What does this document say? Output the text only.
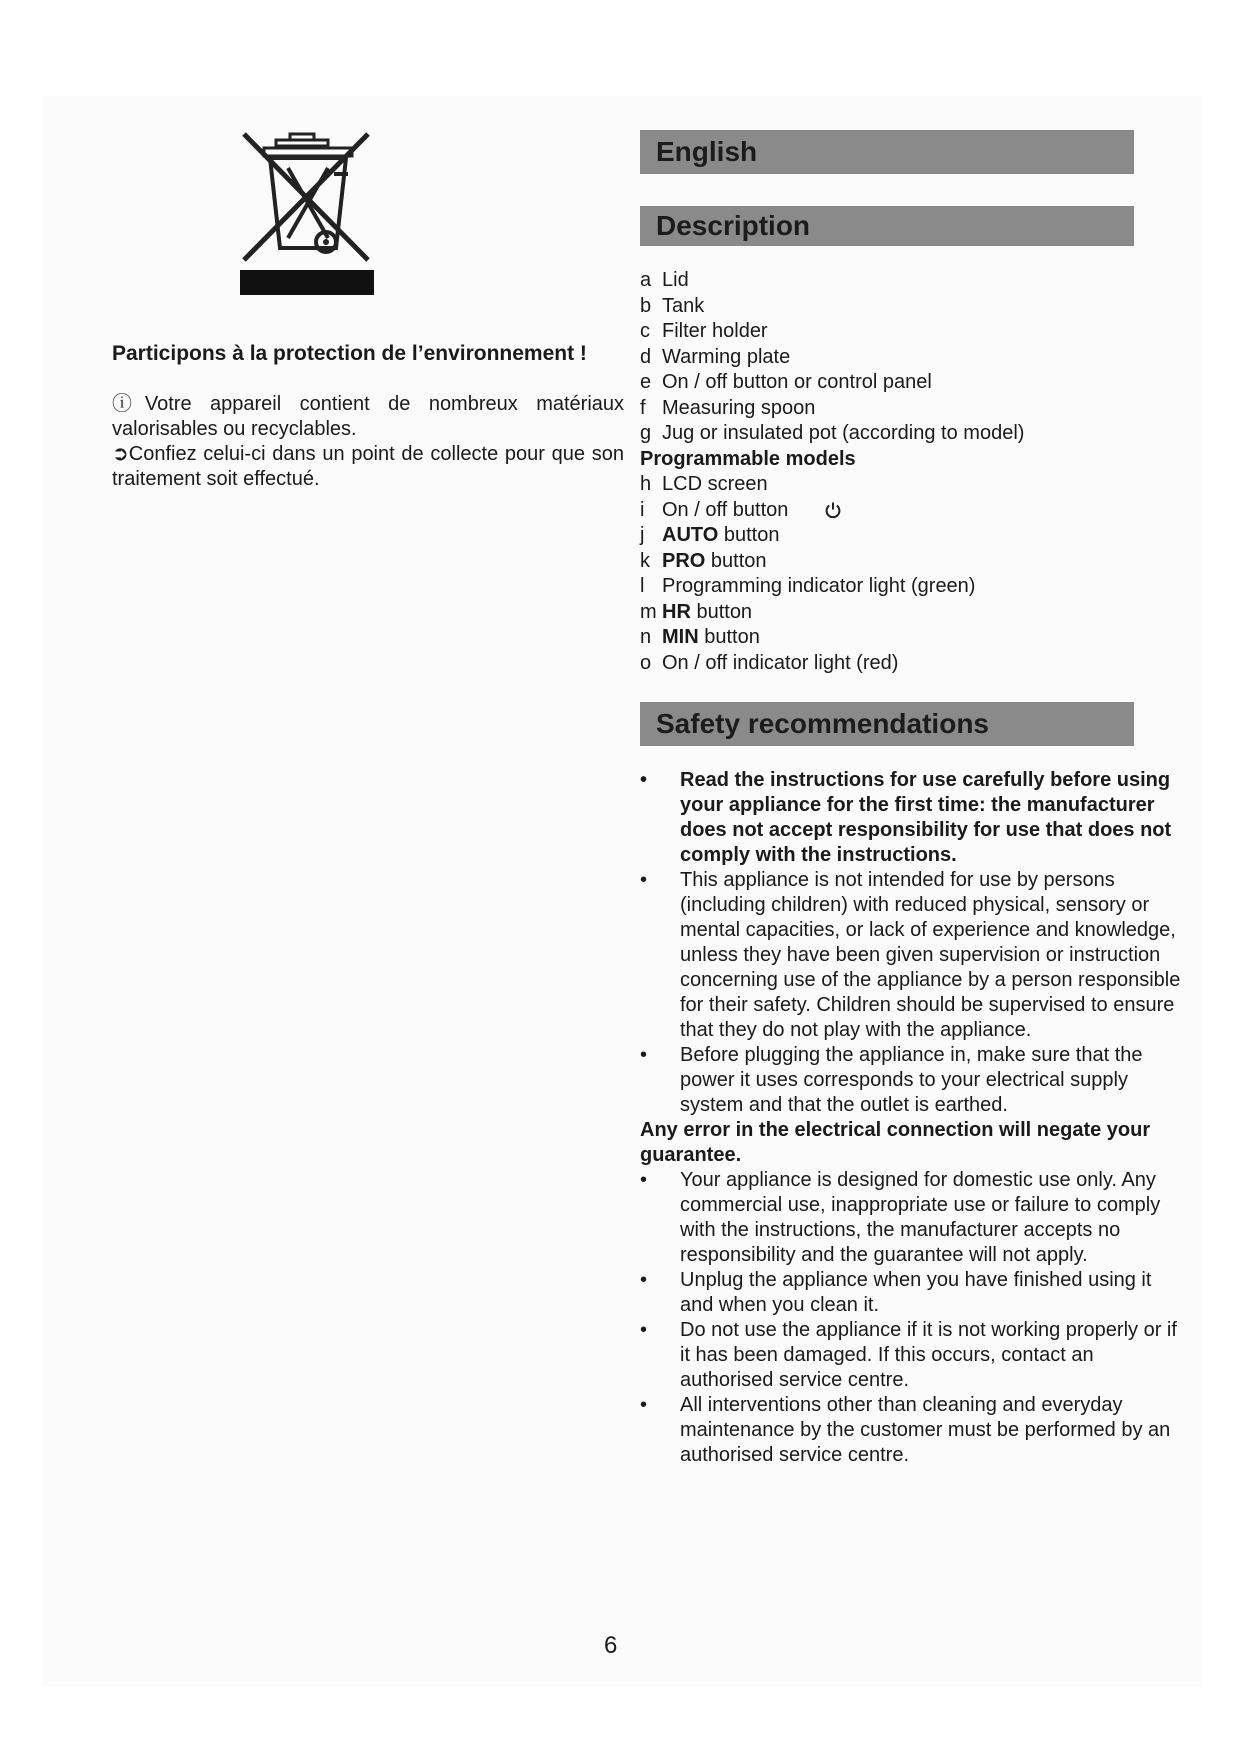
Participons à la protection de l’environnement !
ⓘVotre appareil contient de nombreux matériaux valorisables ou recyclables.
➲Confiez celui-ci dans un point de collecte pour que son traitement soit effectué.
English
Description
a Lid
b Tank
c Filter holder
d Warming plate
e On / off button or control panel
f Measuring spoon
g Jug or insulated pot (according to model)
Programmable models
h LCD screen
i On / off button
j AUTO button
k PRO button
l Programming indicator light (green)
m HR button
n MIN button
o On / off indicator light (red)
Safety recommendations
•	Read the instructions for use carefully before using your appliance for the first time: the manufacturer does not accept responsibility for use that does not comply with the instructions.
•	This appliance is not intended for use by persons (including children) with reduced physical, sensory or mental capacities, or lack of experience and knowledge, unless they have been given supervision or instruction concerning use of the appliance by a person responsible for their safety. Children should be supervised to ensure that they do not play with the appliance.
•	Before plugging the appliance in, make sure that the power it uses corresponds to your electrical supply system and that the outlet is earthed.
Any error in the electrical connection will negate your guarantee.
•	Your appliance is designed for domestic use only. Any commercial use, inappropriate use or failure to comply with the instructions, the manufacturer accepts no responsibility and the guarantee will not apply.
•	Unplug the appliance when you have finished using it and when you clean it.
•	Do not use the appliance if it is not working properly or if it has been damaged. If this occurs, contact an authorised service centre.
•	All interventions other than cleaning and everyday maintenance by the customer must be performed by an authorised service centre.
6
